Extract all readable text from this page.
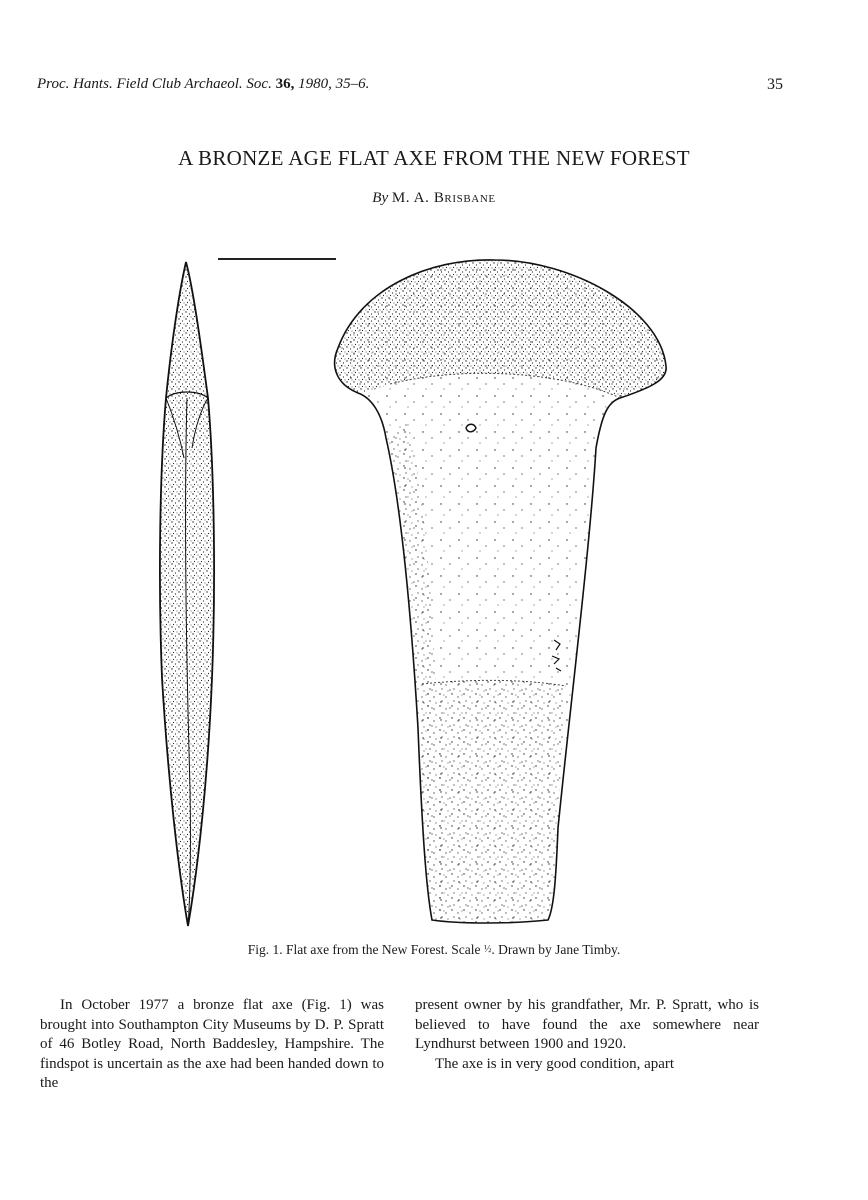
Proc. Hants. Field Club Archaeol. Soc. 36, 1980, 35–6.	35
A BRONZE AGE FLAT AXE FROM THE NEW FOREST
By M. A. Brisbane
Fig. 1. Flat axe from the New Forest. Scale ½. Drawn by Jane Timby.

In October 1977 a bronze flat axe (Fig. 1) was brought into Southampton City Museums by D. P. Spratt of 46 Botley Road, North Baddesley, Hampshire. The findspot is uncertain as the axe had been handed down to the

present owner by his grandfather, Mr. P. Spratt, who is believed to have found the axe somewhere near Lyndhurst between 1900 and 1920.

The axe is in very good condition, apart
